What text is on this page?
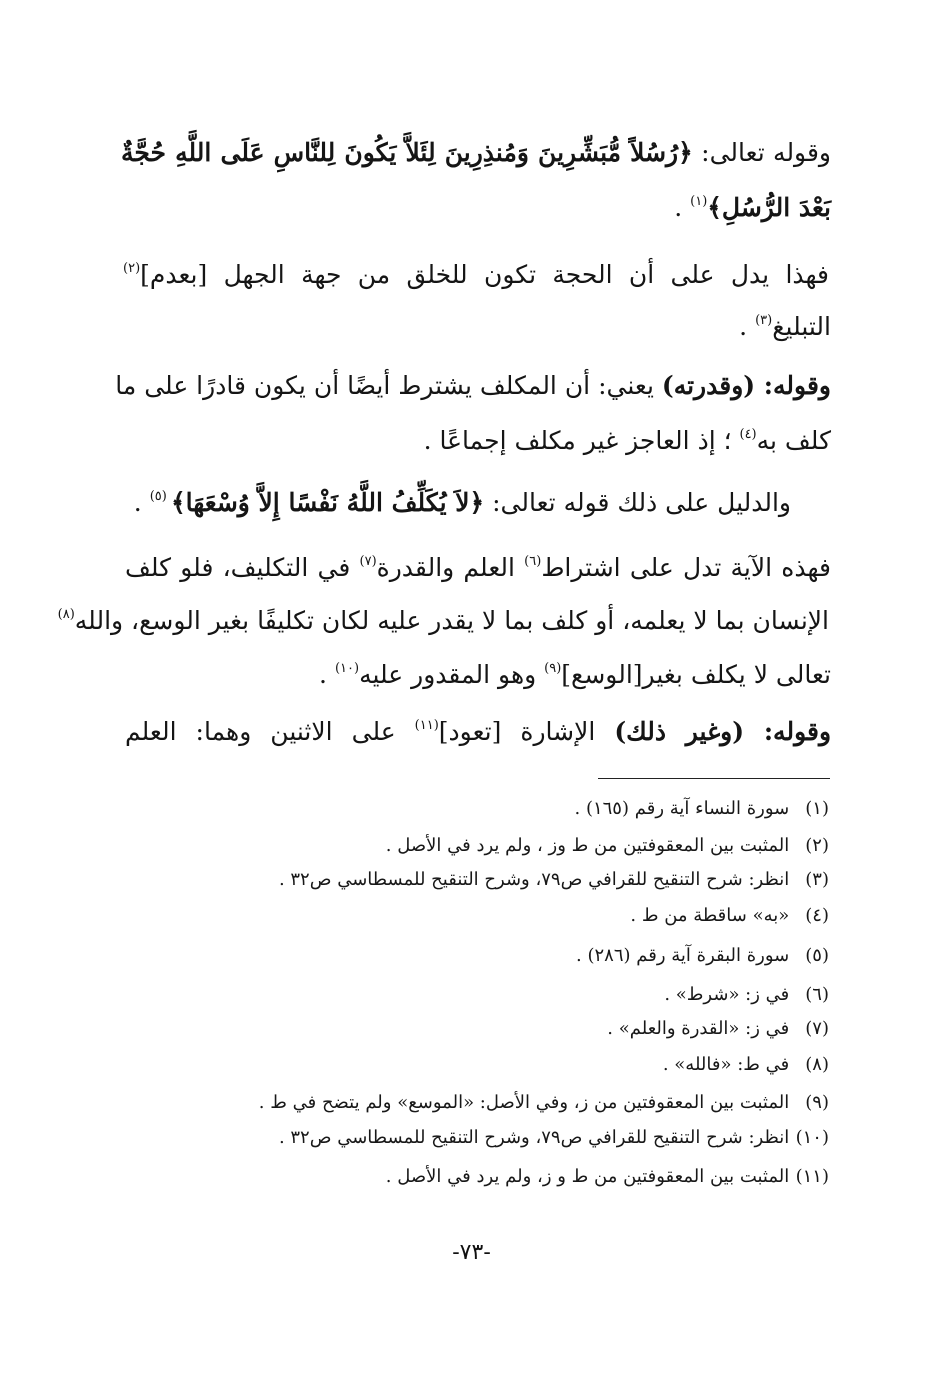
وقوله تعالى: ﴿رُسُلاً مُّبَشِّرِينَ وَمُنذِرِينَ لِئَلاَّ يَكُونَ لِلنَّاسِ عَلَى اللَّهِ حُجَّةٌ
بَعْدَ الرُّسُلِ﴾$^{(١)}$ .
فهذا يدل على أن الحجة تكون للخلق من جهة الجهل [بعدم]$^{(٢)}$
التبليغ$^{(٣)}$ .
وقوله: (وقدرته) يعني: أن المكلف يشترط أيضًا أن يكون قادرًا على ما
كلف به$^{(٤)}$ ؛ إذ العاجز غير مكلف إجماعًا .
والدليل على ذلك قوله تعالى: ﴿لاَ يُكَلِّفُ اللَّهُ نَفْسًا إِلاَّ وُسْعَهَا﴾ $^{(٥)}$ .
فهذه الآية تدل على اشتراط$^{(٦)}$ العلم والقدرة$^{(٧)}$ في التكليف، فلو كلف
الإنسان بما لا يعلمه، أو كلف بما لا يقدر عليه لكان تكليفًا بغير الوسع، والله$^{(٨)}$
تعالى لا يكلف بغير[الوسع]$^{(٩)}$ وهو المقدور عليه$^{(١٠)}$ .
وقوله: (وغير ذلك) الإشارة [تعود]$^{(١١)}$ على الاثنين وهما: العلم
(١) سورة النساء آية رقم (١٦٥) .
(٢) المثبت بين المعقوفتين من ط وز ، ولم يرد في الأصل .
(٣) انظر: شرح التنقيح للقرافي ص٧٩، وشرح التنقيح للمسطاسي ص٣٢ .
(٤) «به» ساقطة من ط .
(٥) سورة البقرة آية رقم (٢٨٦) .
(٦) في ز: «شرط» .
(٧) في ز: «القدرة والعلم» .
(٨) في ط: «فالله» .
(٩) المثبت بين المعقوفتين من ز، وفي الأصل: «الموسع» ولم يتضح في ط .
(١٠) انظر: شرح التنقيح للقرافي ص٧٩، وشرح التنقيح للمسطاسي ص٣٢ .
(١١) المثبت بين المعقوفتين من ط و ز، ولم يرد في الأصل .
-٧٣-
